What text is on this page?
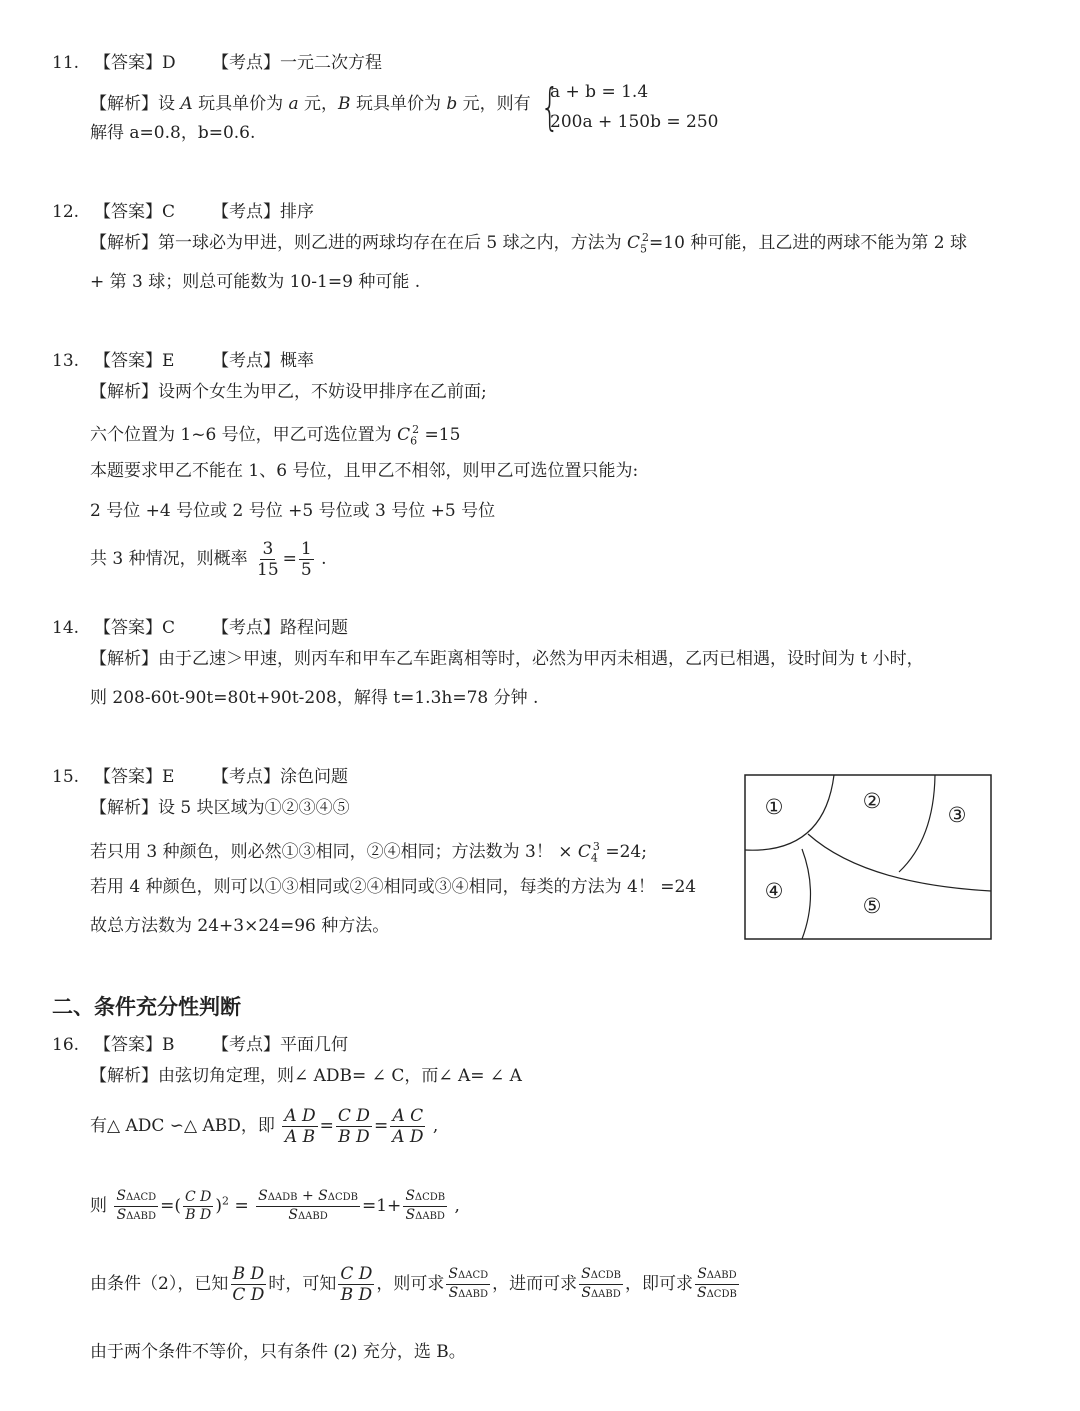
11. 【答案】D 【考点】一元二次方程
【解析】设 A 玩具单价为 a 元，B 玩具单价为 b 元，则有 {
a + b = 1.4
200a + 150b = 250
解得 a=0.8，b=0.6.
12. 【答案】C 【考点】排序
【解析】第一球必为甲进，则乙进的两球均存在在后 5 球之内，方法为 $C_5^2=10$ 种可能，且乙进的两球不能为第 2 球
+ 第 3 球；则总可能数为 10-1=9 种可能 .
13. 【答案】E 【考点】概率
【解析】设两个女生为甲乙，不妨设甲排序在乙前面;
六个位置为 1~6 号位，甲乙可选位置为 $C_6^2 =15$
本题要求甲乙不能在 1、6 号位，且甲乙不相邻，则甲乙可选位置只能为:
2 号位 +4 号位或 2 号位 +5 号位或 3 号位 +5 号位
共 3 种情况，则概率 $\frac{3}{15} = \frac{1}{5}$ .
14. 【答案】C 【考点】路程问题
【解析】由于乙速＞甲速，则丙车和甲车乙车距离相等时，必然为甲丙未相遇，乙丙已相遇，设时间为 t 小时，
则 208-60t-90t=80t+90t-208，解得 t=1.3h=78 分钟 .
15. 【答案】E 【考点】涂色问题
【解析】设 5 块区域为①②③④⑤
若只用 3 种颜色，则必然①③相同，②④相同；方法数为 3！ × $C_4^3 =24$;
若用 4 种颜色，则可以①③相同或②④相同或③④相同，每类的方法为 4！ =24
故总方法数为 24+3×24=96 种方法。
①	②
③
④
⑤
二、条件充分性判断
16. 【答案】B 【考点】平面几何
【解析】由弦切角定理，则∠ ADB= ∠ C，而∠ A= ∠ A
有△ ADC ∽△ ABD，即 $\frac{\text{A D}}{\text{A B}} = \frac{\text{C D}}{\text{B D}} = \frac{\text{A C}}{\text{A D}}$ ,
则 SΔACD
SΔABD
=( $\frac{\text{C D}}{\text{B D}} )^2 = S\Delta ADB + S\Delta CDB$
SΔABD
=1+ SΔCDB
SΔABD
,
由条件（2），已知 $\frac{\text{B D}}{\text{C D}}$ 时，可知 $\frac{\text{C D}}{\text{B D}}$ ，则可求 SΔACD
SΔABD
，进而可求 SΔCDB
SΔABD
，即可求 SΔABD
SΔCDB
由于两个条件不等价，只有条件 (2) 充分，选 B。
